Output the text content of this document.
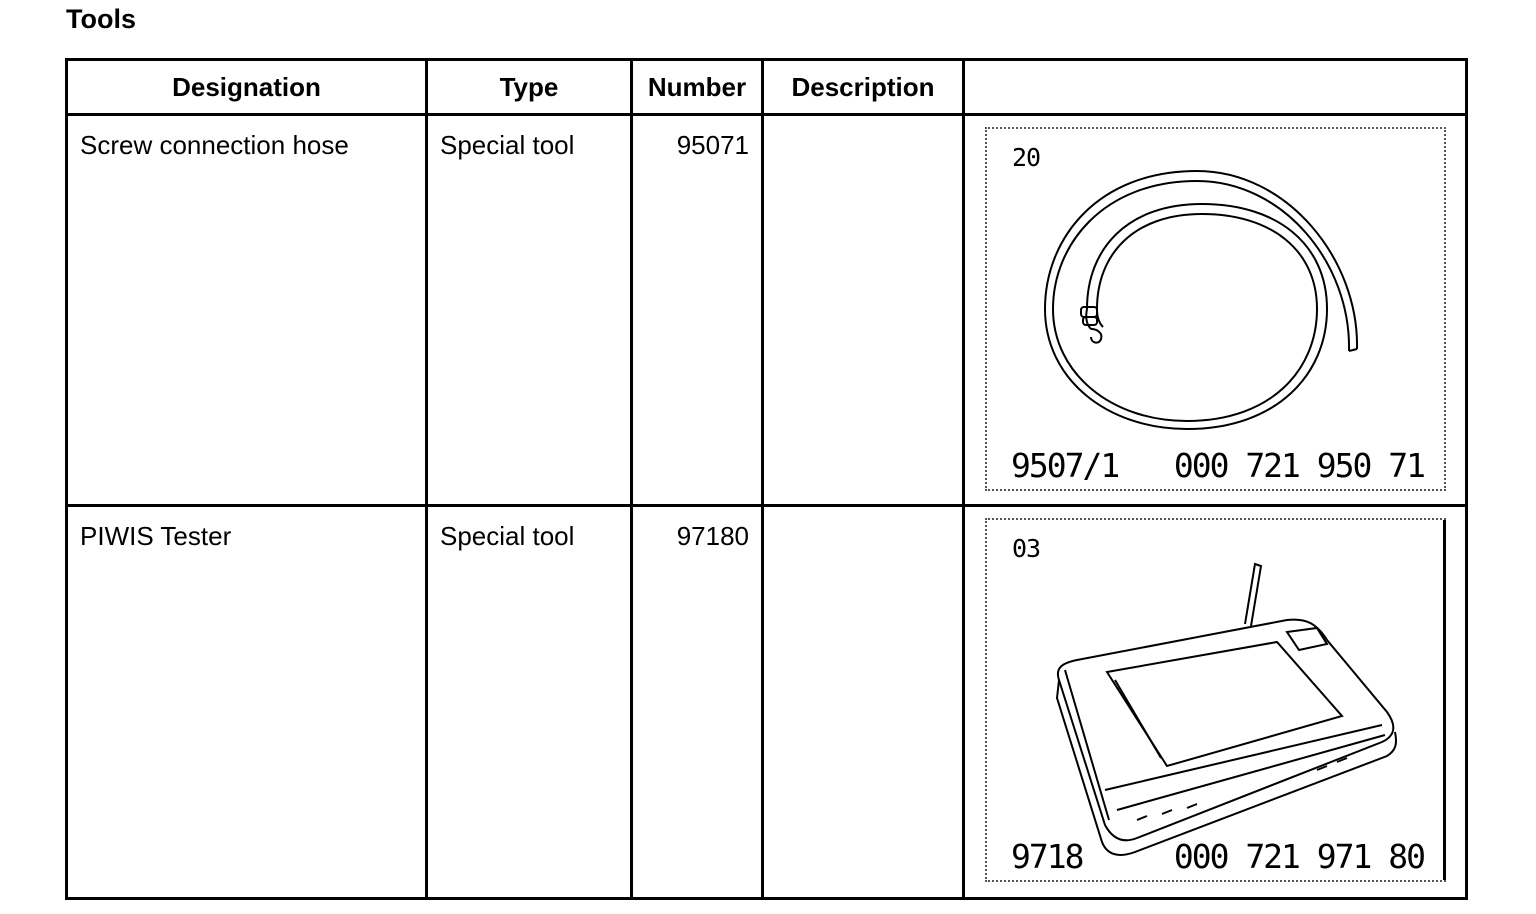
Tools
Designation	Type	Number	Description	

Screw connection hose	Special tool	95071		20
9507/1 000 721 950 71

PIWIS Tester	Special tool	97180		03
9718 000 721 971 80
